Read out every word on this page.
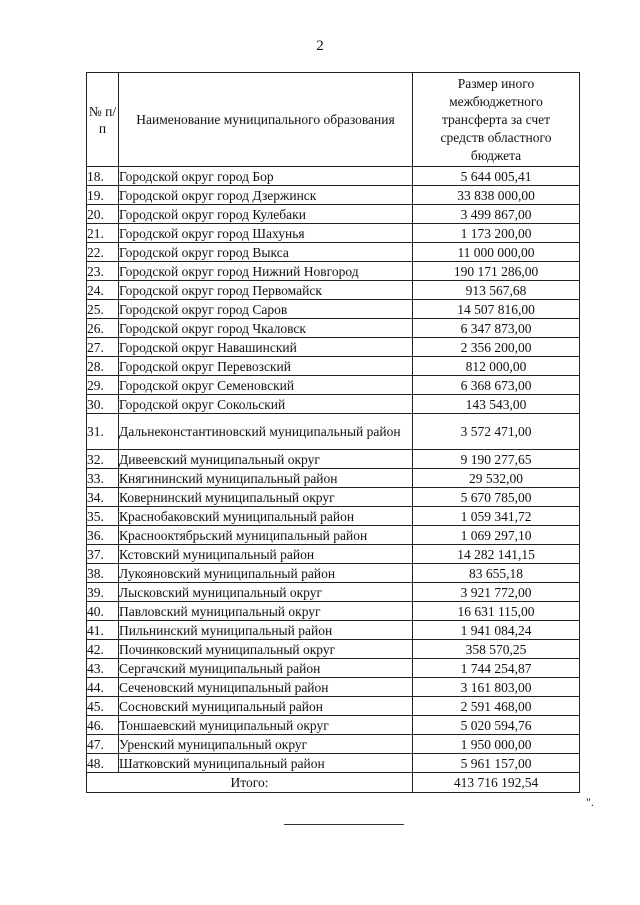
2
№ п/п	Наименование муниципального образования	Размер иного межбюджетного трансферта за счет средств областного бюджета

18.	Городской округ город Бор	5 644 005,41
19.	Городской округ город Дзержинск	33 838 000,00
20.	Городской округ город Кулебаки	3 499 867,00
21.	Городской округ город Шахунья	1 173 200,00
22.	Городской округ город Выкса	11 000 000,00
23.	Городской округ город Нижний Новгород	190 171 286,00
24.	Городской округ город Первомайск	913 567,68
25.	Городской округ город Саров	14 507 816,00
26.	Городской округ город Чкаловск	6 347 873,00
27.	Городской округ Навашинский	2 356 200,00
28.	Городской округ Перевозский	812 000,00
29.	Городской округ Семеновский	6 368 673,00
30.	Городской округ Сокольский	143 543,00
31.	Дальнеконстантиновский муниципальный район	3 572 471,00
32.	Дивеевский муниципальный округ	9 190 277,65
33.	Княгининский муниципальный район	29 532,00
34.	Ковернинский муниципальный округ	5 670 785,00
35.	Краснобаковский муниципальный район	1 059 341,72
36.	Краснооктябрьский муниципальный район	1 069 297,10
37.	Кстовский муниципальный район	14 282 141,15
38.	Лукояновский муниципальный район	83 655,18
39.	Лысковский муниципальный округ	3 921 772,00
40.	Павловский муниципальный округ	16 631 115,00
41.	Пильнинский муниципальный район	1 941 084,24
42.	Починковский муниципальный округ	358 570,25
43.	Сергачский муниципальный район	1 744 254,87
44.	Сеченовский муниципальный район	3 161 803,00
45.	Сосновский муниципальный район	2 591 468,00
46.	Тоншаевский муниципальный округ	5 020 594,76
47.	Уренский муниципальный округ	1 950 000,00
48.	Шатковский муниципальный район	5 961 157,00
Итого:		413 716 192,54
".
